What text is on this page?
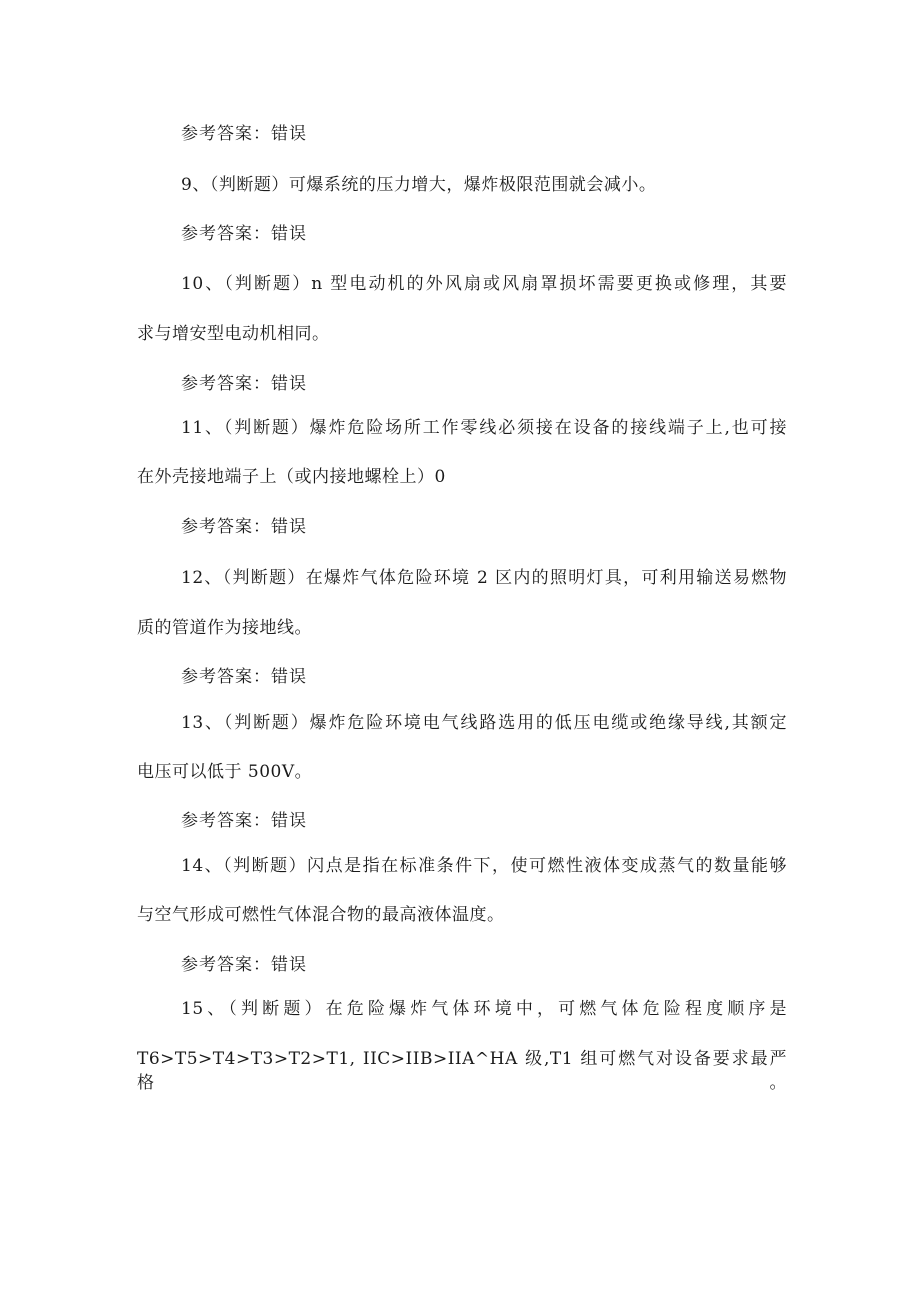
参考答案：错误
9、（判断题）可爆系统的压力增大，爆炸极限范围就会减小。
参考答案：错误
10、（判断题）n 型电动机的外风扇或风扇罩损坏需要更换或修理，其要
求与增安型电动机相同。
参考答案：错误
11、（判断题）爆炸危险场所工作零线必须接在设备的接线端子上,也可接
在外壳接地端子上（或内接地螺栓上）0
参考答案：错误
12、（判断题）在爆炸气体危险环境 2 区内的照明灯具，可利用输送易燃物
质的管道作为接地线。
参考答案：错误
13、（判断题）爆炸危险环境电气线路选用的低压电缆或绝缘导线,其额定
电压可以低于 500V。
参考答案：错误
14、（判断题）闪点是指在标准条件下，使可燃性液体变成蒸气的数量能够
与空气形成可燃性气体混合物的最高液体温度。
参考答案：错误
15、（判断题）在危险爆炸气体环境中，可燃气体危险程度顺序是
T6>T5>T4>T3>T2>T1, IIC>IIB>IIA^HA 级,T1 组可燃气对设备要求最严格。
